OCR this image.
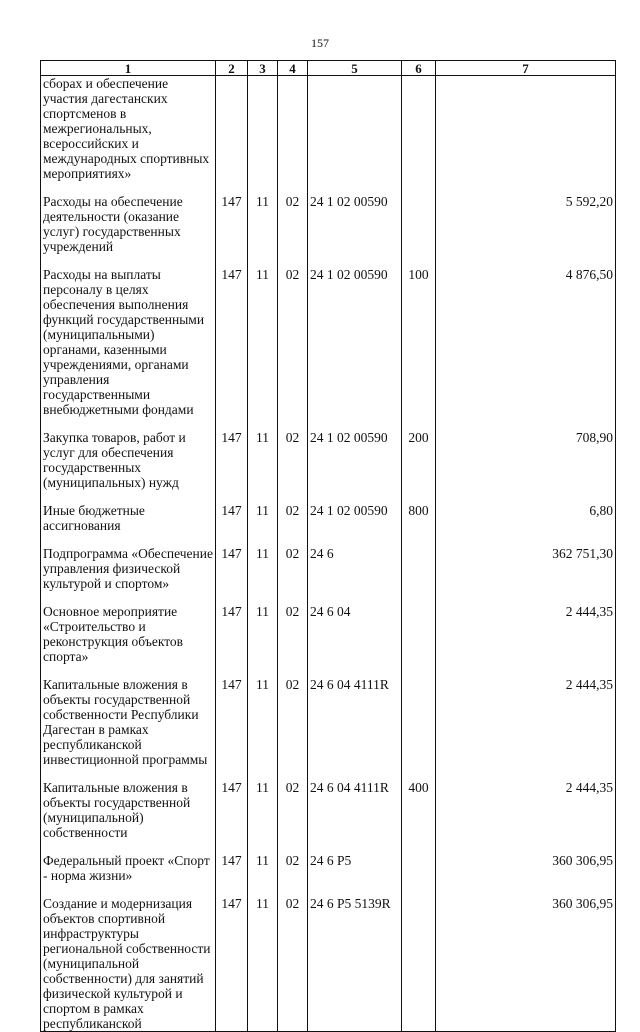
157
1	2	3	4	5	6	7
сборах и обеспечение участия дагестанских спортсменов в межрегиональных, всероссийских и международных спортивных мероприятиях»						

Расходы на обеспечение деятельности (оказание услуг) государственных учреждений	147	11	02	24 1 02 00590		5 592,20

Расходы на выплаты персоналу в целях обеспечения выполнения функций государственными (муниципальными) органами, казенными учреждениями, органами управления государственными внебюджетными фондами	147	11	02	24 1 02 00590	100	4 876,50

Закупка товаров, работ и услуг для обеспечения государственных (муниципальных) нужд	147	11	02	24 1 02 00590	200	708,90

Иные бюджетные ассигнования	147	11	02	24 1 02 00590	800	6,80

Подпрограмма «Обеспечение управления физической культурой и спортом»	147	11	02	24 6		362 751,30

Основное мероприятие «Строительство и реконструкция объектов спорта»	147	11	02	24 6 04		2 444,35

Капитальные вложения в объекты государственной собственности Республики Дагестан в рамках республиканской инвестиционной программы	147	11	02	24 6 04 4111R		2 444,35

Капитальные вложения в объекты государственной (муниципальной) собственности	147	11	02	24 6 04 4111R	400	2 444,35

Федеральный проект «Спорт - норма жизни»	147	11	02	24 6 P5		360 306,95

Создание и модернизация объектов спортивной инфраструктуры региональной собственности (муниципальной собственности) для занятий физической культурой и спортом в рамках республиканской	147	11	02	24 6 P5 5139R		360 306,95
